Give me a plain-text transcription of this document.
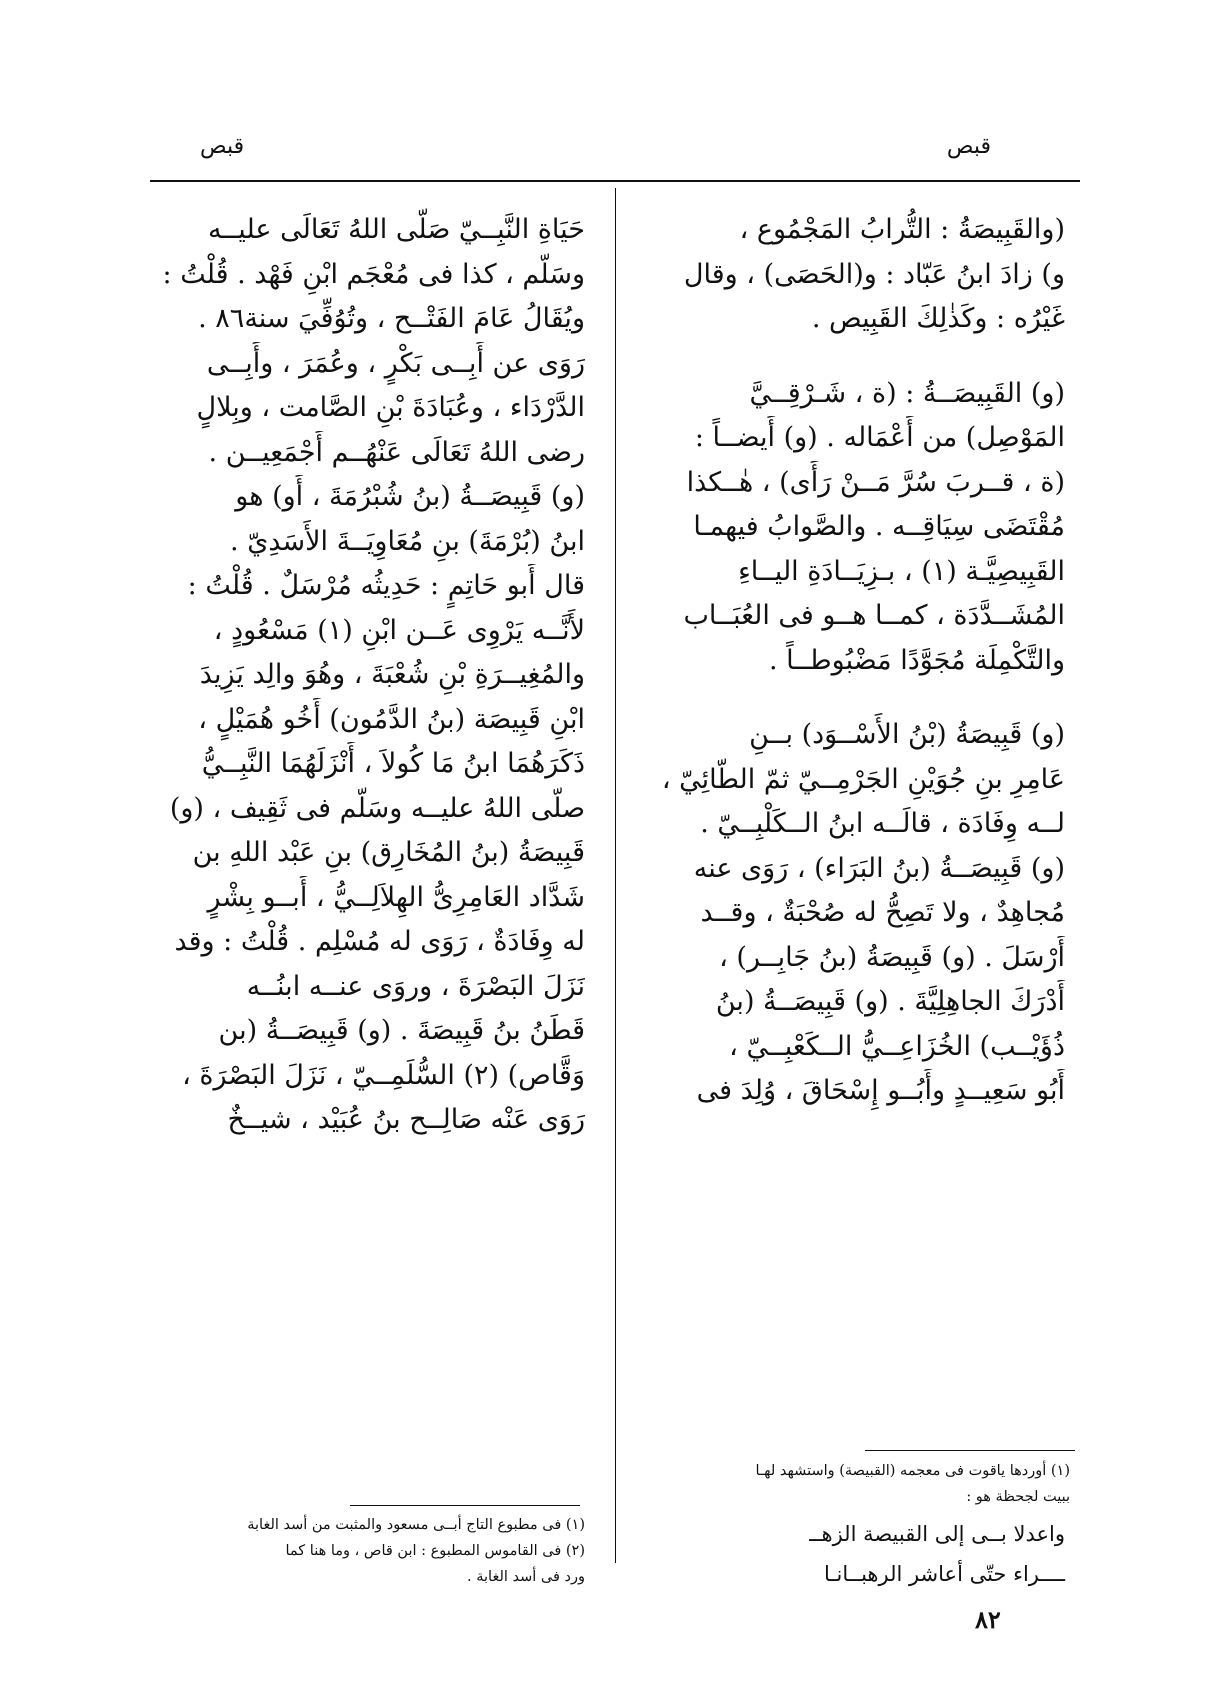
قبص
قبص
(والقَبِيصَةُ : التُّرابُ المَجْمُوع ،
و) زادَ ابنُ عَبّاد : و(الحَصَى) ، وقال
غَيْرُه : وكَذٰلِكَ القَبِيص .
(و) القَبِيصَــةُ : (ة ، شَـرْقِــيَّ
المَوْصِل) من أَعْمَاله . (و) أَيضــاً :
(ة ، قــربَ سُرَّ مَــنْ رَأَى) ، هٰــكذا
مُقْتَضَى سِيَاقِــه . والصَّوابُ فيهمـا
القَبِيصِيَّـة (١) ، بـزِيَــادَةِ اليــاءِ
المُشَــدَّدَة ، كمــا هــو فى العُبَــاب
والتَّكْمِلَة مُجَوَّدًا مَضْبُوطــاً .
(و) قَبِيصَةُ (بْنُ الأَسْــوَد) بــنِ
عَامِرِ بنِ جُوَيْنِ الجَرْمِــيّ ثمّ الطَّائِيّ ،
لــه وِفَادَة ، قالَــه ابنُ الــكَلْبِــيّ .
(و) قَبِيصَــةُ (بنُ البَرَاء) ، رَوَى عنه
مُجاهِدٌ ، ولا تَصِحُّ له صُحْبَةٌ ، وقــد
أَرْسَلَ . (و) قَبِيصَةُ (بنُ جَابِــر) ،
أَدْرَكَ الجاهِلِيَّةَ . (و) قَبِيصَــةُ (بنُ
ذُؤَيْــب) الخُزَاعِــيُّ الــكَعْبِــيّ ،
أَبُو سَعِيــدٍ وأَبُــو إِسْحَاقَ ، وُلِدَ فى
حَيَاةِ النَّبِــيّ صَلَّى اللهُ تَعَالَى عليــه
وسَلَّم ، كذا فى مُعْجَم ابْنِ فَهْد . قُلْتُ :
ويُقَالُ عَامَ الفَتْــح ، وتُوُفِّيَ سنة٨٦ .
رَوَى عن أَبِــى بَكْرٍ ، وعُمَرَ ، وأَبِــى
الدَّرْدَاء ، وعُبَادَةَ بْنِ الصَّامت ، وبِلالٍ
رضى اللهُ تَعَالَى عَنْهُــم أَجْمَعِيــن .
(و) قَبِيصَــةُ (بنُ شُبْرُمَةَ ، أَو) هو
ابنُ (بُرْمَةَ) بنِ مُعَاوِيَــةَ الأَسَدِيّ .
قال أَبو حَاتِمٍ : حَدِيثُه مُرْسَلٌ . قُلْتُ :
لأَنَّــه يَرْوِى عَــن ابْنِ (١) مَسْعُودٍ ،
والمُغِيــرَةِ بْنِ شُعْبَةَ ، وهُوَ والِد يَزِيدَ
ابْنِ قَبِيصَة (بنُ الدَّمُون) أَخُو هُمَيْلٍ ،
ذَكَرَهُمَا ابنُ مَا كُولاَ ، أَنْزَلَهُمَا النَّبِــيُّ
صلَّى اللهُ عليــه وسَلَّم فى ثَقِيف ، (و)
قَبِيصَةُ (بنُ المُخَارِق) بنِ عَبْد اللهِ بن
شَدَّاد العَامِرِىُّ الهِلاَلِــيُّ ، أَبــو بِشْرٍ
له وِفَادَةٌ ، رَوَى له مُسْلِم . قُلْتُ : وقد
نَزَلَ البَصْرَةَ ، وروَى عنــه ابنُــه
قَطَنُ بنُ قَبِيصَةَ . (و) قَبِيصَــةُ (بن
وَقَّاص) (٢) السُّلَمِــيّ ، نَزَلَ البَصْرَةَ ،
رَوَى عَنْه صَالِــح بنُ عُبَيْد ، شيــخٌ
(١) أوردها ياقوت فى معجمه (القبيصة) واستشهد لهـا
ببيت لجحظة هو :
واعدلا بــى إلى القبيصة الزهــ
ــــراء حتّى أعاشر الرهبــانـا
(١) فى مطبوع التاج أبــى مسعود والمثبت من أسد الغابة
(٢) فى القاموس المطبوع : ابن قاص ، وما هنا كما
ورد فى أسد الغابة .
٨٢
